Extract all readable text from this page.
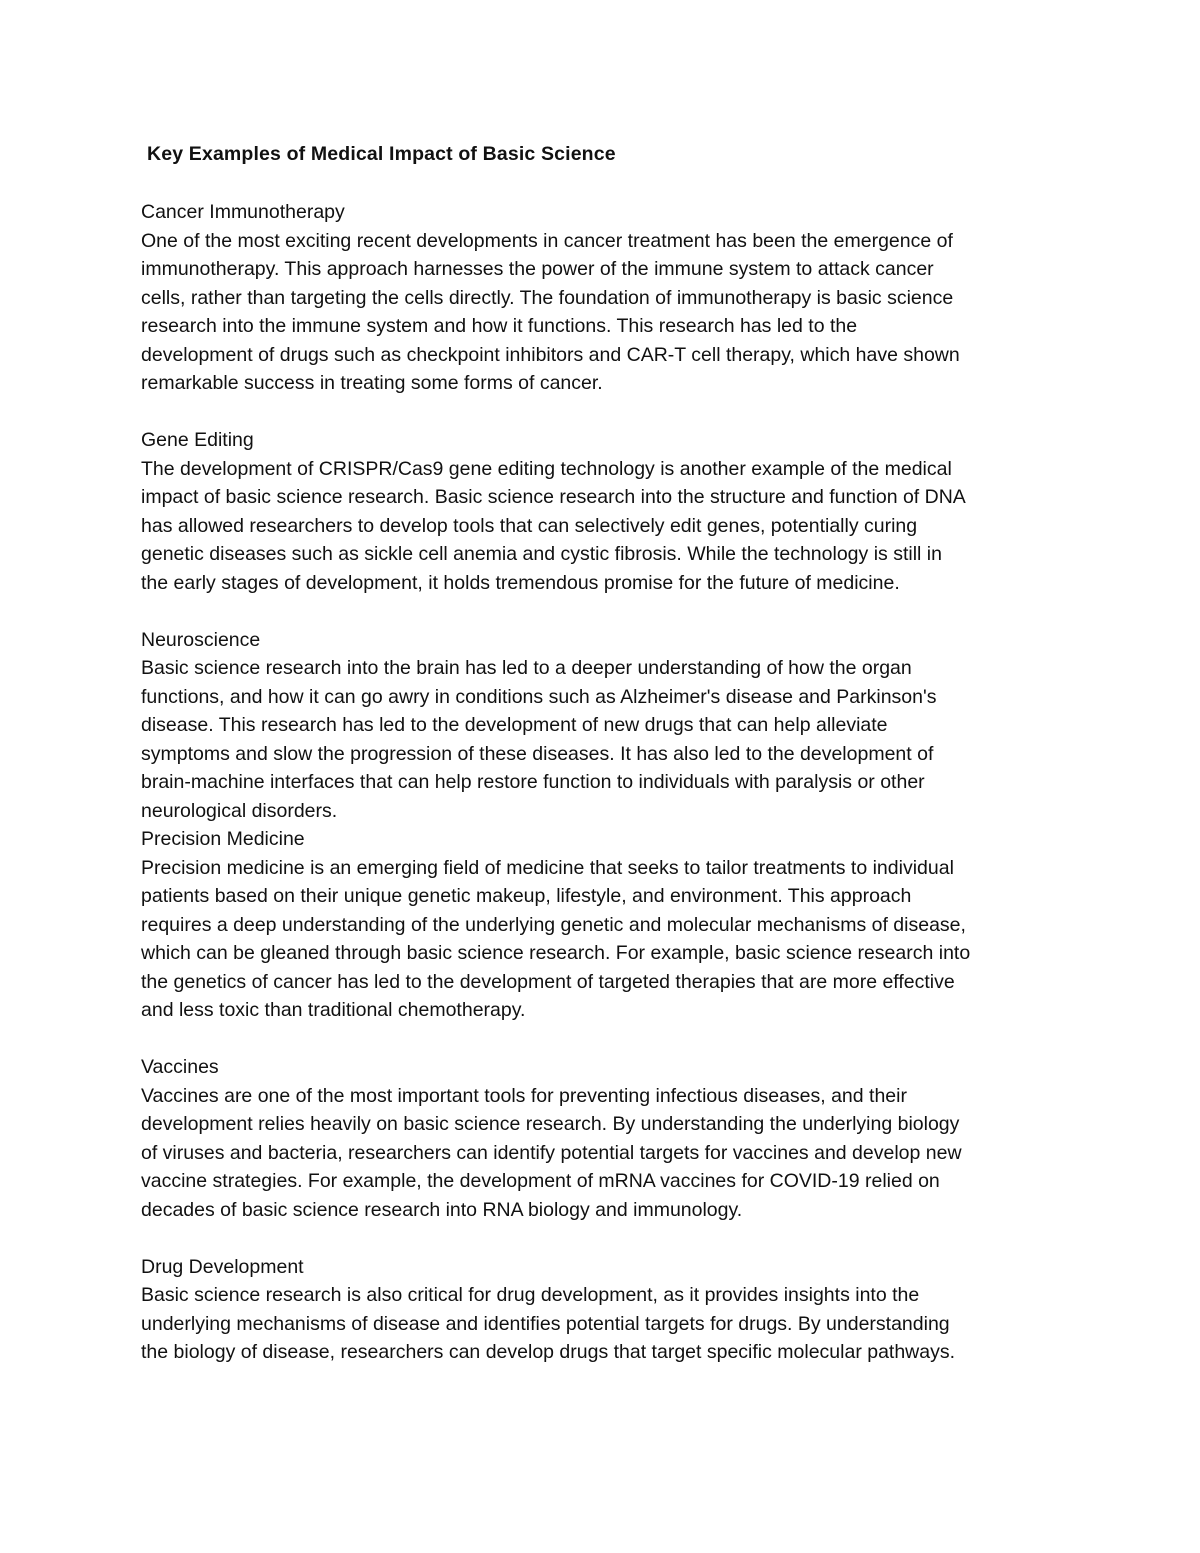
Key Examples of Medical Impact of Basic Science
Cancer Immunotherapy
One of the most exciting recent developments in cancer treatment has been the emergence of
immunotherapy. This approach harnesses the power of the immune system to attack cancer
cells, rather than targeting the cells directly. The foundation of immunotherapy is basic science
research into the immune system and how it functions. This research has led to the
development of drugs such as checkpoint inhibitors and CAR-T cell therapy, which have shown
remarkable success in treating some forms of cancer.
Gene Editing
The development of CRISPR/Cas9 gene editing technology is another example of the medical
impact of basic science research. Basic science research into the structure and function of DNA
has allowed researchers to develop tools that can selectively edit genes, potentially curing
genetic diseases such as sickle cell anemia and cystic fibrosis. While the technology is still in
the early stages of development, it holds tremendous promise for the future of medicine.
Neuroscience
Basic science research into the brain has led to a deeper understanding of how the organ
functions, and how it can go awry in conditions such as Alzheimer's disease and Parkinson's
disease. This research has led to the development of new drugs that can help alleviate
symptoms and slow the progression of these diseases. It has also led to the development of
brain-machine interfaces that can help restore function to individuals with paralysis or other
neurological disorders.
Precision Medicine
Precision medicine is an emerging field of medicine that seeks to tailor treatments to individual
patients based on their unique genetic makeup, lifestyle, and environment. This approach
requires a deep understanding of the underlying genetic and molecular mechanisms of disease,
which can be gleaned through basic science research. For example, basic science research into
the genetics of cancer has led to the development of targeted therapies that are more effective
and less toxic than traditional chemotherapy.
Vaccines
Vaccines are one of the most important tools for preventing infectious diseases, and their
development relies heavily on basic science research. By understanding the underlying biology
of viruses and bacteria, researchers can identify potential targets for vaccines and develop new
vaccine strategies. For example, the development of mRNA vaccines for COVID-19 relied on
decades of basic science research into RNA biology and immunology.
Drug Development
Basic science research is also critical for drug development, as it provides insights into the
underlying mechanisms of disease and identifies potential targets for drugs. By understanding
the biology of disease, researchers can develop drugs that target specific molecular pathways.
